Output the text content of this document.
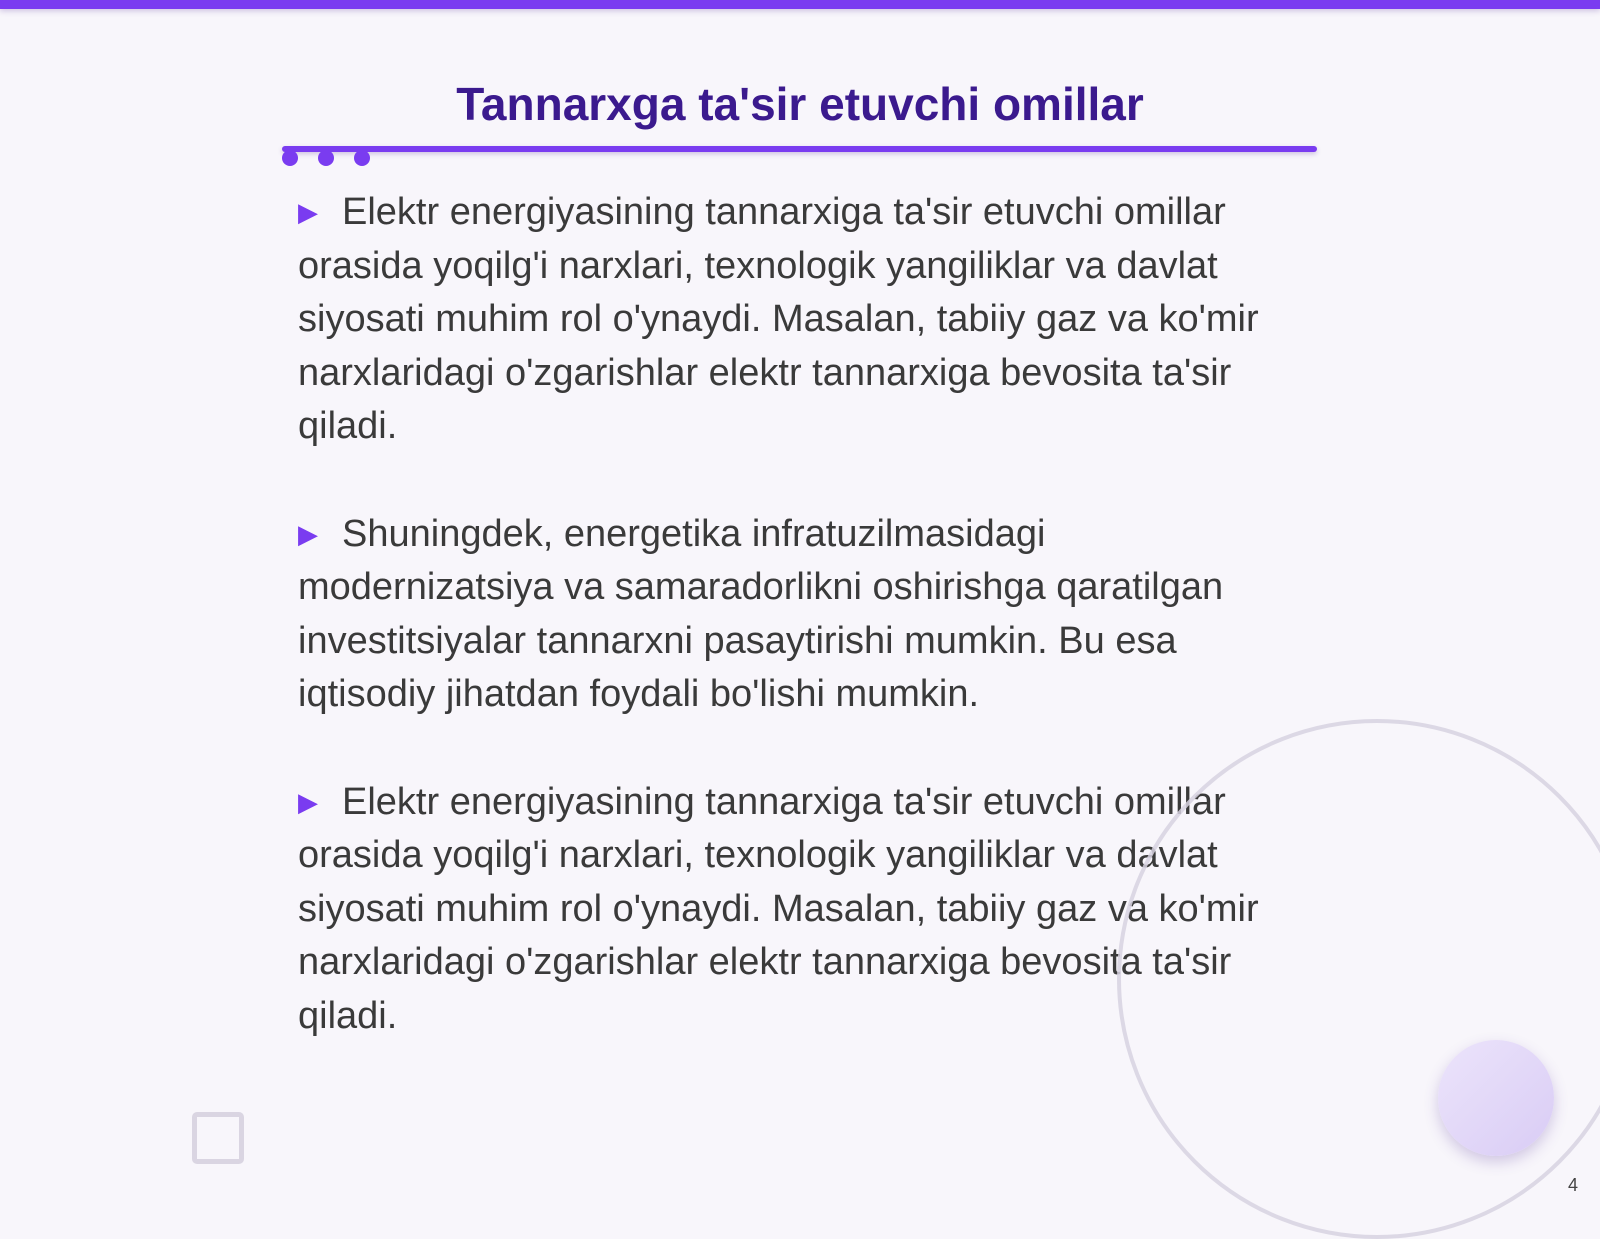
Tannarxga ta'sir etuvchi omillar

▶ Elektr energiyasining tannarxiga ta'sir etuvchi omillar orasida yoqilg'i narxlari, texnologik yangiliklar va davlat siyosati muhim rol o'ynaydi. Masalan, tabiiy gaz va ko'mir narxlaridagi o'zgarishlar elektr tannarxiga bevosita ta'sir qiladi.

▶ Shuningdek, energetika infratuzilmasidagi modernizatsiya va samaradorlikni oshirishga qaratilgan investitsiyalar tannarxni pasaytirishi mumkin. Bu esa iqtisodiy jihatdan foydali bo'lishi mumkin.

▶ Elektr energiyasining tannarxiga ta'sir etuvchi omillar orasida yoqilg'i narxlari, texnologik yangiliklar va davlat siyosati muhim rol o'ynaydi. Masalan, tabiiy gaz va ko'mir narxlaridagi o'zgarishlar elektr tannarxiga bevosita ta'sir qiladi.

4
